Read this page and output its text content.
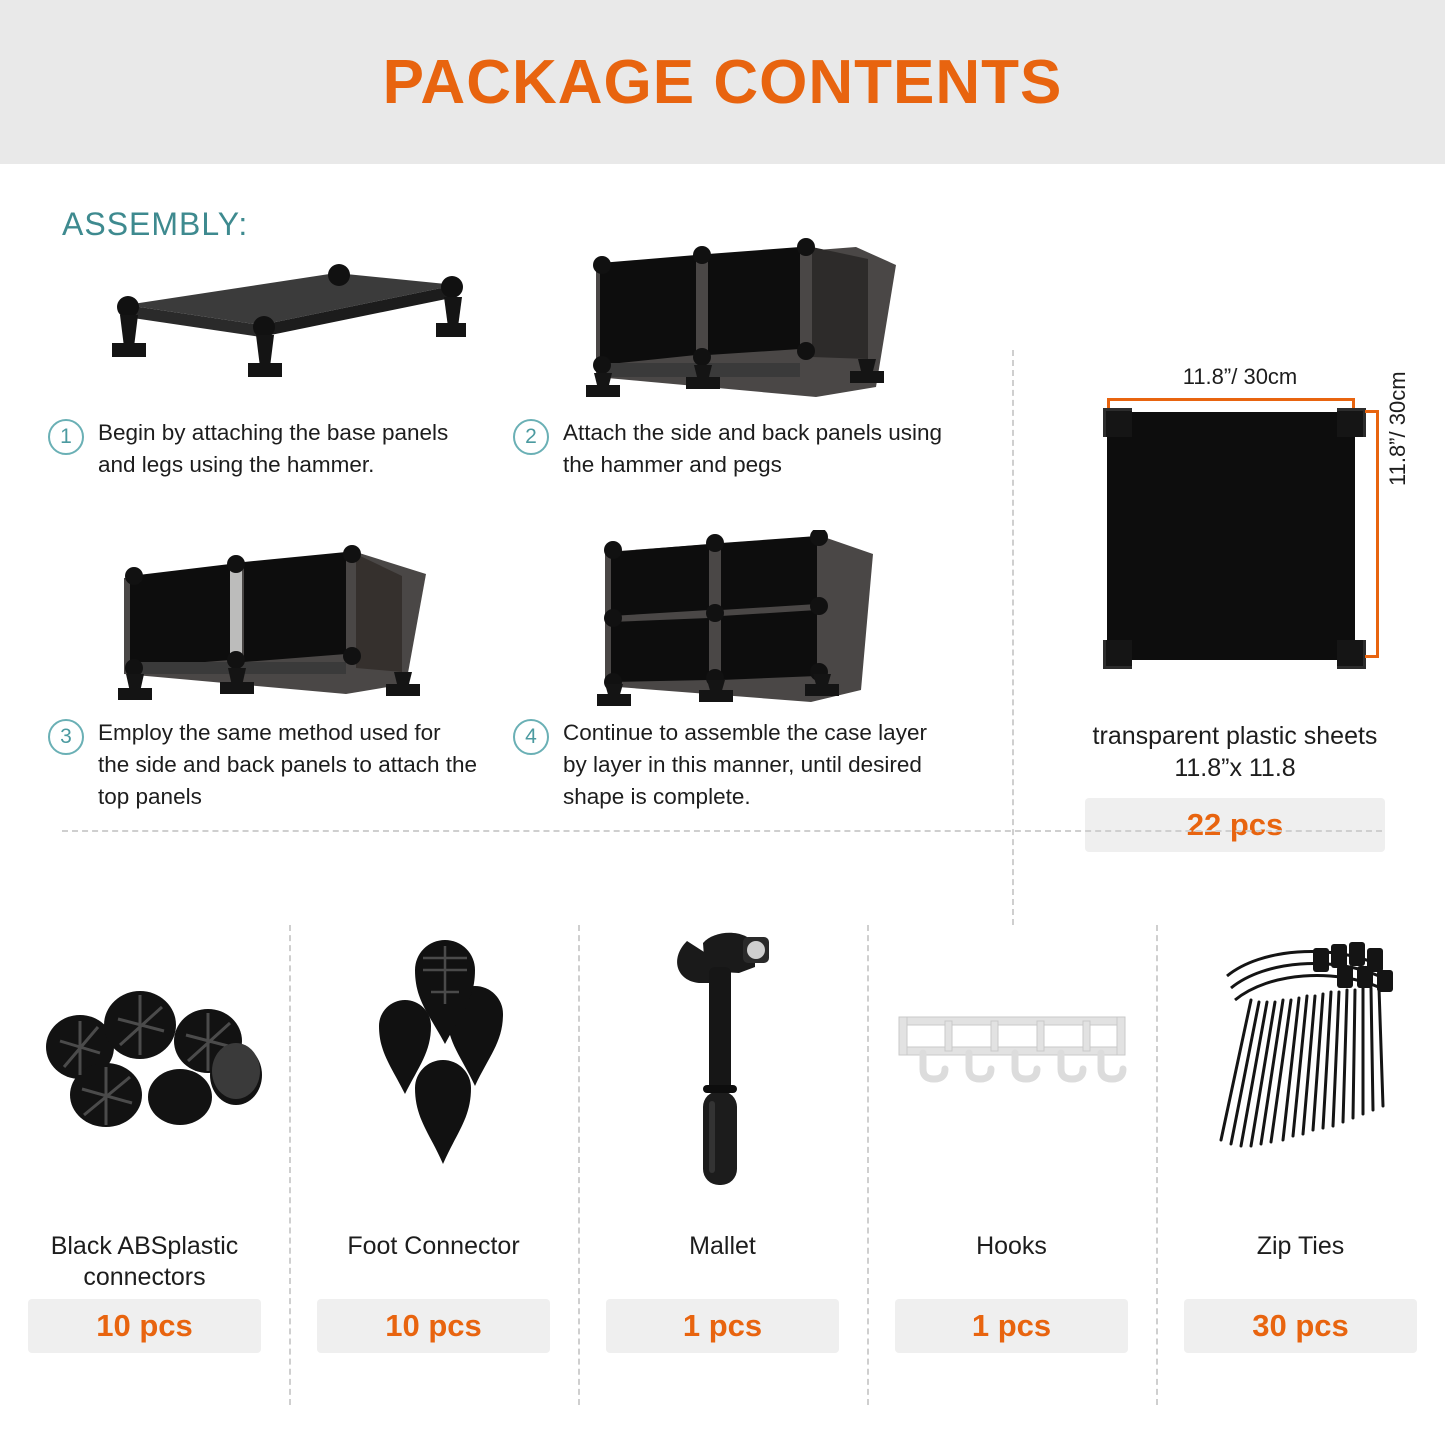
PACKAGE CONTENTS
ASSEMBLY:
1	Begin by attaching the base panels and legs using the hammer.
2	Attach the side and back panels using the hammer and pegs
3	Employ the same method used for the side and back panels to attach the top panels
4	Continue to assemble the case layer by layer in this manner, until desired shape is complete.
11.8”/ 30cm	11.8”/ 30cm
transparent plastic sheets
11.8”x 11.8
22 pcs
Black ABSplastic connectors
10 pcs
Foot Connector
10 pcs
Mallet
1 pcs
Hooks
1 pcs
Zip Ties
30 pcs
